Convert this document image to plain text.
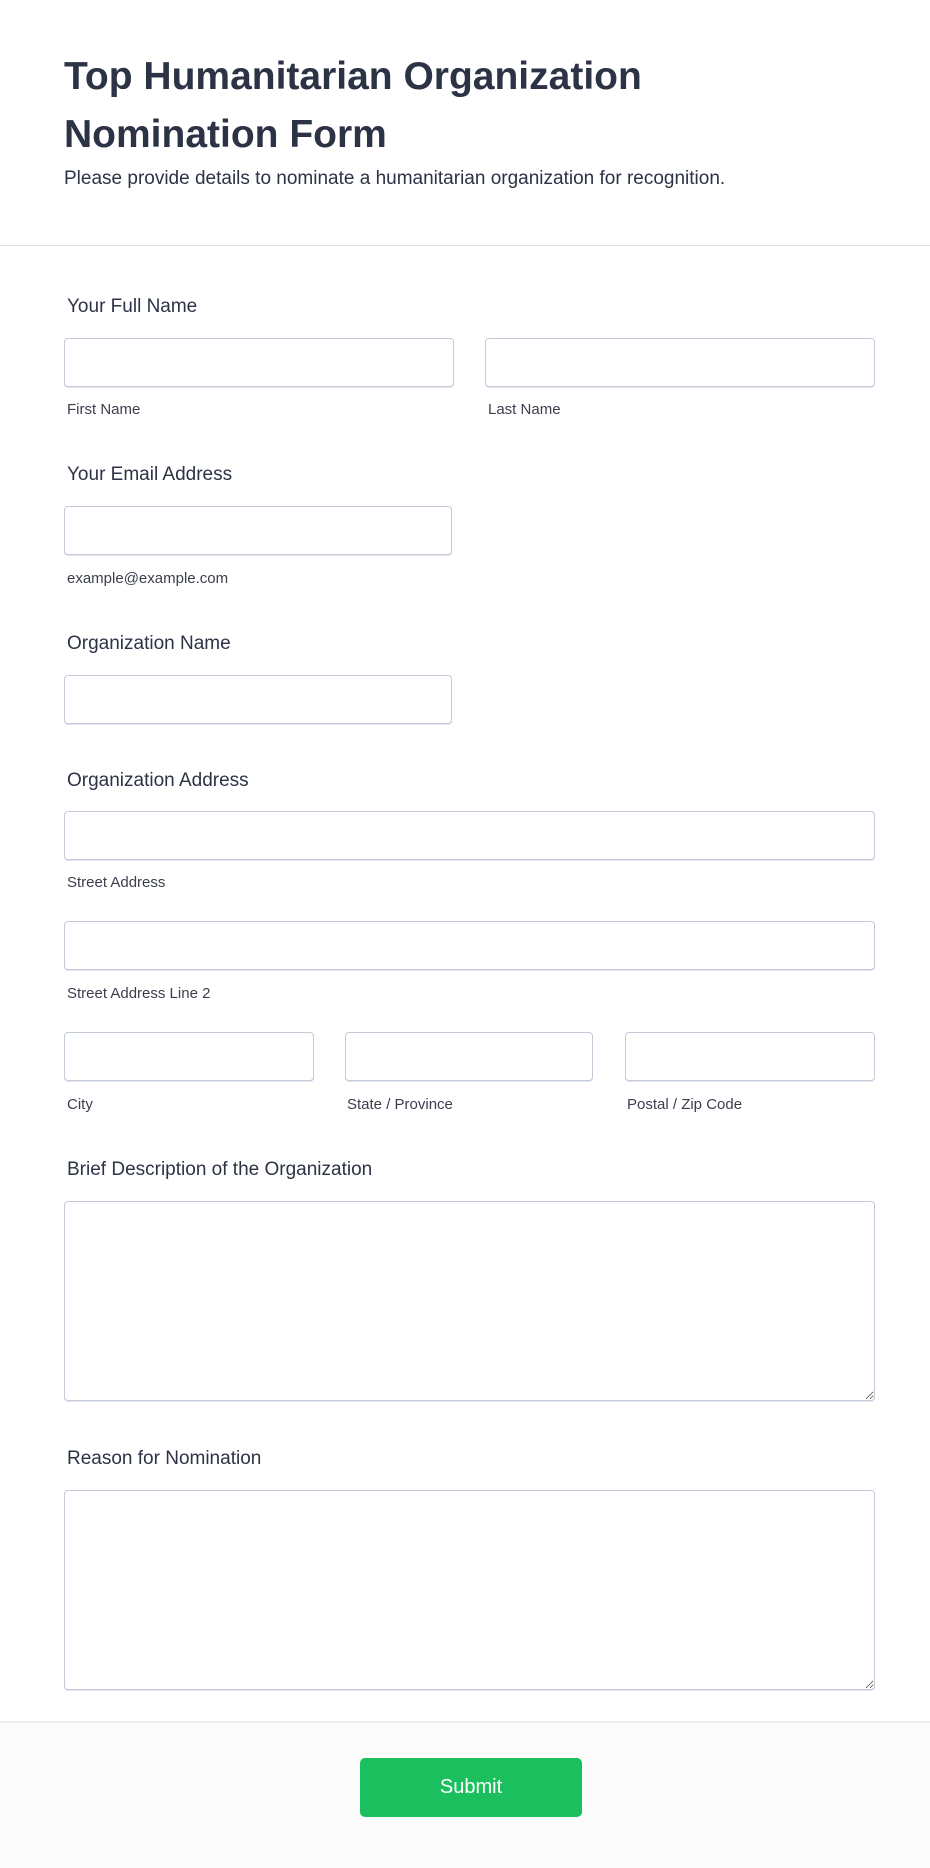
Top Humanitarian Organization Nomination Form
Please provide details to nominate a humanitarian organization for recognition.
Your Full Name
First Name	Last Name
Your Email Address
example@example.com
Organization Name
Organization Address
Street Address
Street Address Line 2
City	State / Province	Postal / Zip Code
Brief Description of the Organization
Reason for Nomination
Submit
